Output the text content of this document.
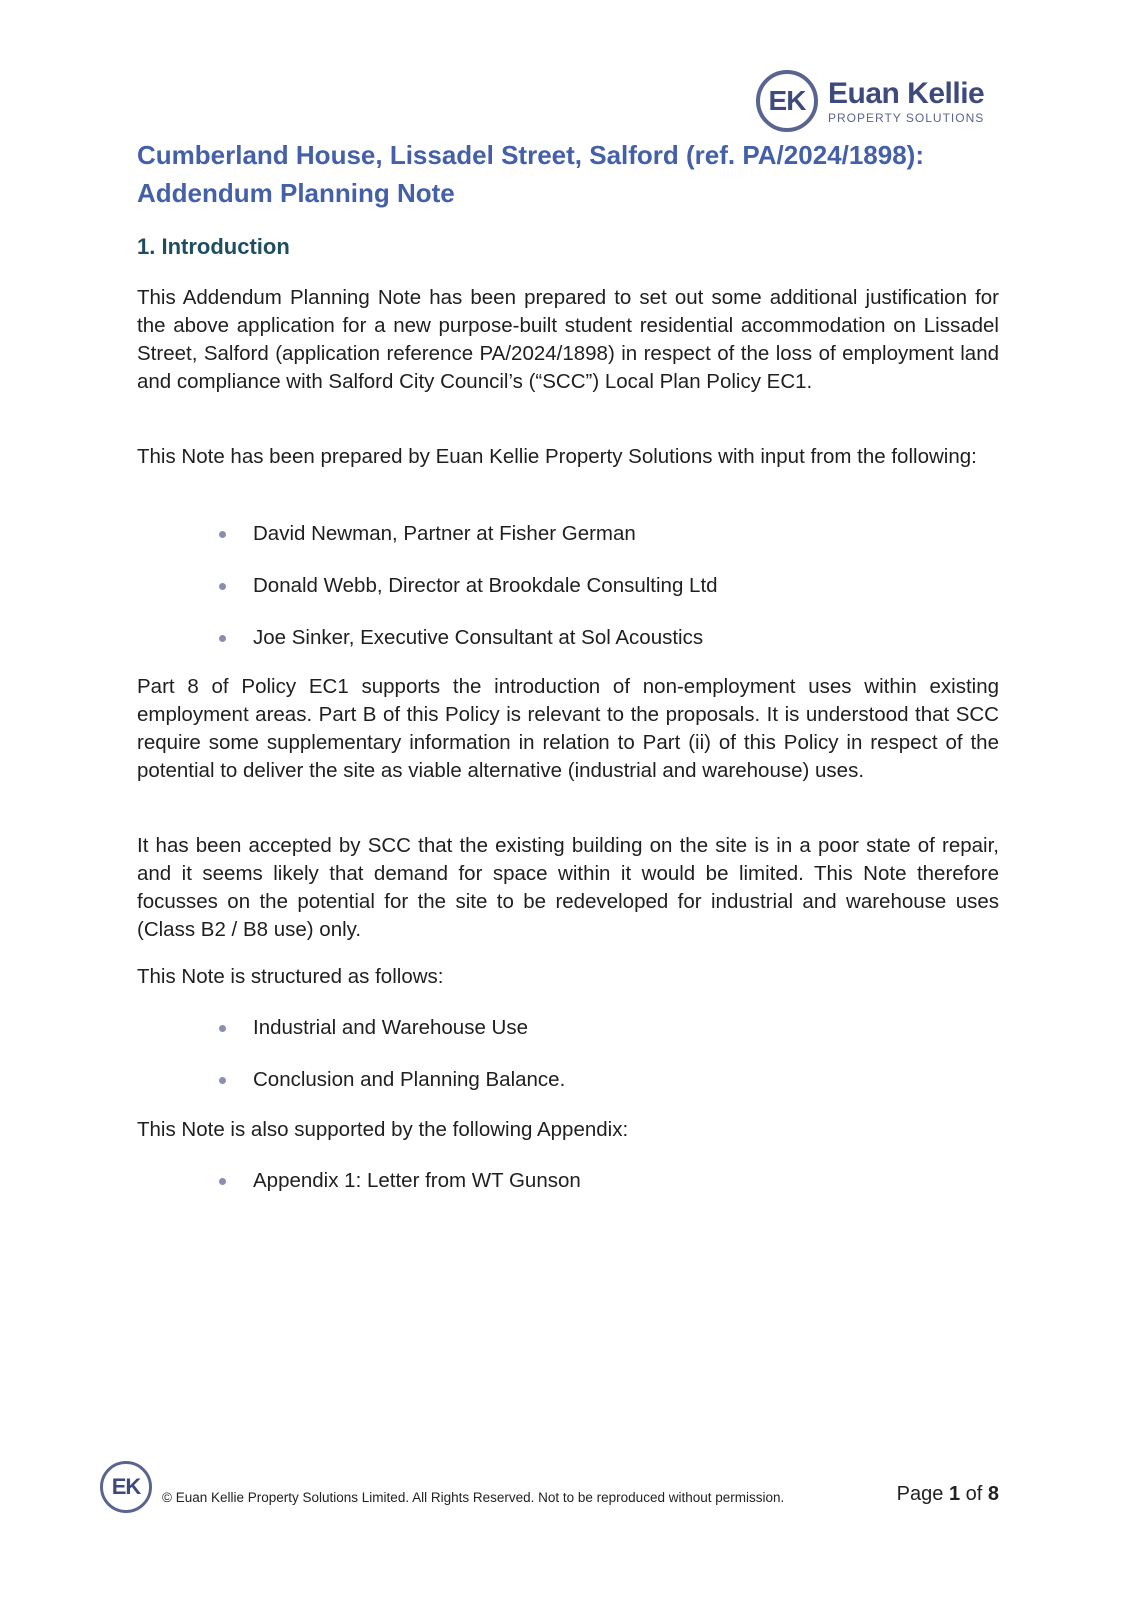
EK Euan Kellie
PROPERTY SOLUTIONS
Cumberland House, Lissadel Street, Salford (ref. PA/2024/1898): Addendum Planning Note
1. Introduction

This Addendum Planning Note has been prepared to set out some additional justification for the above application for a new purpose-built student residential accommodation on Lissadel Street, Salford (application reference PA/2024/1898) in respect of the loss of employment land and compliance with Salford City Council’s (“SCC”) Local Plan Policy EC1.

This Note has been prepared by Euan Kellie Property Solutions with input from the following:

David Newman, Partner at Fisher German
Donald Webb, Director at Brookdale Consulting Ltd
Joe Sinker, Executive Consultant at Sol Acoustics

Part 8 of Policy EC1 supports the introduction of non-employment uses within existing employment areas. Part B of this Policy is relevant to the proposals. It is understood that SCC require some supplementary information in relation to Part (ii) of this Policy in respect of the potential to deliver the site as viable alternative (industrial and warehouse) uses.

It has been accepted by SCC that the existing building on the site is in a poor state of repair, and it seems likely that demand for space within it would be limited. This Note therefore focusses on the potential for the site to be redeveloped for industrial and warehouse uses (Class B2 / B8 use) only.

This Note is structured as follows:

Industrial and Warehouse Use
Conclusion and Planning Balance.

This Note is also supported by the following Appendix:

Appendix 1: Letter from WT Gunson
EK	© Euan Kellie Property Solutions Limited. All Rights Reserved. Not to be reproduced without permission.	Page 1 of 8
